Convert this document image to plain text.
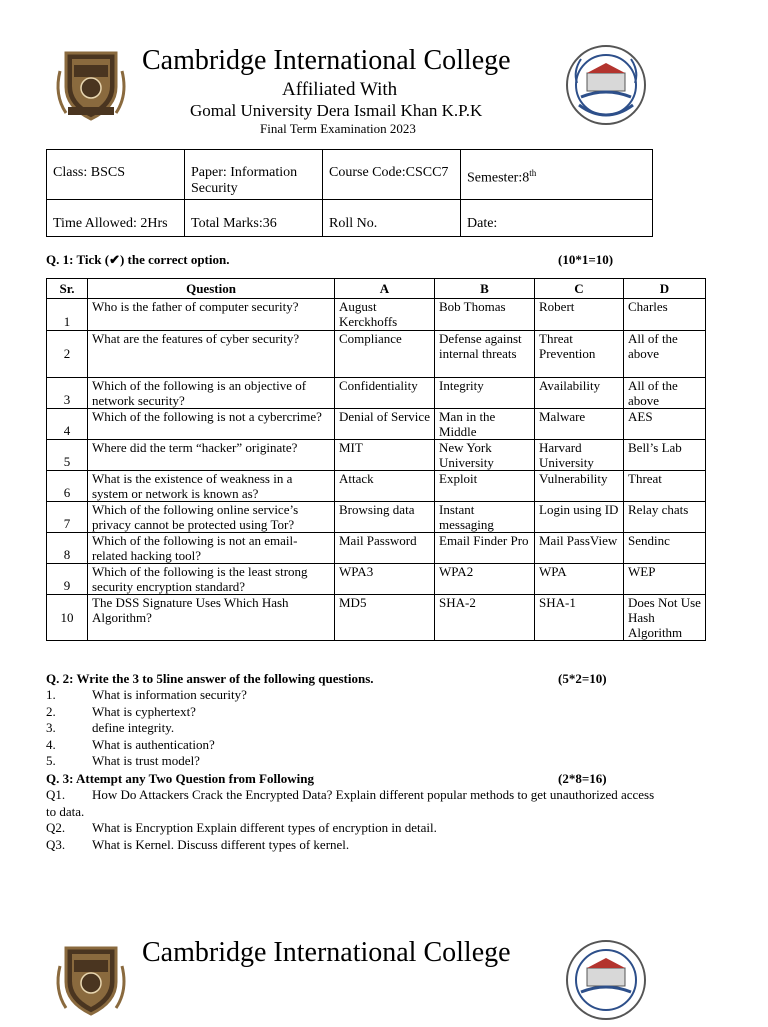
Cambridge International College
Affiliated With
Gomal University Dera Ismail Khan K.P.K
Final Term Examination 2023
Class: BSCS	Paper: Information Security	Course Code:CSCC7	Semester:8th
Time Allowed: 2Hrs	Total Marks:36	Roll No.	Date:
Q. 1: Tick (✔) the correct option.	(10*1=10)
Sr.	Question	A	B	C	D
1	Who is the father of computer security?	August Kerckhoffs	Bob Thomas	Robert	Charles
2	What are the features of cyber security?	Compliance	Defense against internal threats	Threat Prevention	All of the above
3	Which of the following is an objective of network security?	Confidentiality	Integrity	Availability	All of the above
4	Which of the following is not a cybercrime?	Denial of Service	Man in the Middle	Malware	AES
5	Where did the term “hacker” originate?	MIT	New York University	Harvard University	Bell’s Lab
6	What is the existence of weakness in a system or network is known as?	Attack	Exploit	Vulnerability	Threat
7	Which of the following online service’s privacy cannot be protected using Tor?	Browsing data	Instant messaging	Login using ID	Relay chats
8	Which of the following is not an email-related hacking tool?	Mail Password	Email Finder Pro	Mail PassView	Sendinc
9	Which of the following is the least strong security encryption standard?	WPA3	WPA2	WPA	WEP
10	The DSS Signature Uses Which Hash Algorithm?	MD5	SHA-2	SHA-1	Does Not Use Hash Algorithm
Q. 2: Write the 3 to 5line answer of the following questions.	(5*2=10)
1.	What is information security?
2.	What is cyphertext?
3.	define integrity.
4.	What is authentication?
5.	What is trust model?
Q. 3: Attempt any Two Question from Following	(2*8=16)
Q1. How Do Attackers Crack the Encrypted Data? Explain different popular methods to get unauthorized access
to data.
Q2. What is Encryption Explain different types of encryption in detail.
Q3. What is Kernel. Discuss different types of kernel.
Cambridge International College
